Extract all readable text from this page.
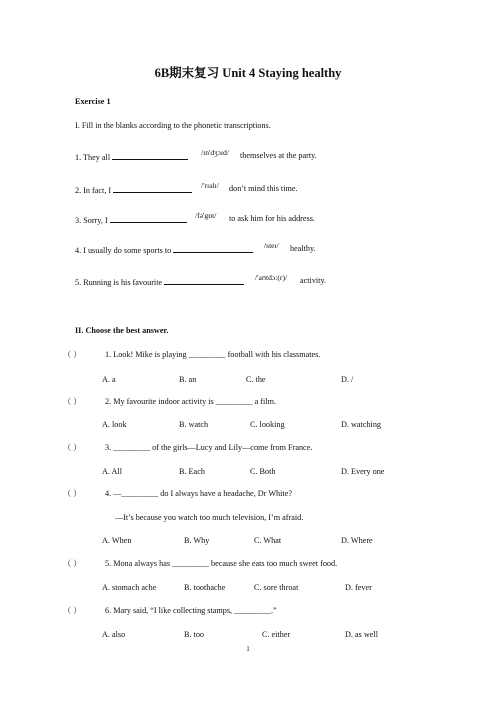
6B期末复习 Unit 4 Staying healthy
Exercise 1
I. Fill in the blanks according to the phonetic transcriptions.
1. They all
/ɪn'dʒɔɪd/ themselves at the party.
2. In fact, I
/'rɪəlɪ/ don’t mind this time.
3. Sorry, I
/fə'gɒt/ to ask him for his address.
4. I usually do some sports to
/steɪ/ healthy.
5. Running is his favourite
/'aʊtdɔ:(r)/ activity.
II. Choose the best answer.
（ ）	1. Look! Mike is playing _________ football with his classmates.
A. a	B. an	C. the	D. /
（ ）	2. My favourite indoor activity is _________ a film.
A. look	B. watch	C. looking	D. watching
（ ）	3. _________ of the girls—Lucy and Lily—come from France.
A. All	B. Each	C. Both	D. Every one
（ ）	4. —_________ do I always have a headache, Dr White?
—It’s because you watch too much television, I’m afraid.
A. When	B. Why	C. What	D. Where
（ ）	5. Mona always has _________ because she eats too much sweet food.
A. stomach ache	B. toothache	C. sore throat	D. fever
（ ）	6. Mary said, “I like collecting stamps, _________.”
A. also	B. too	C. either	D. as well
1
